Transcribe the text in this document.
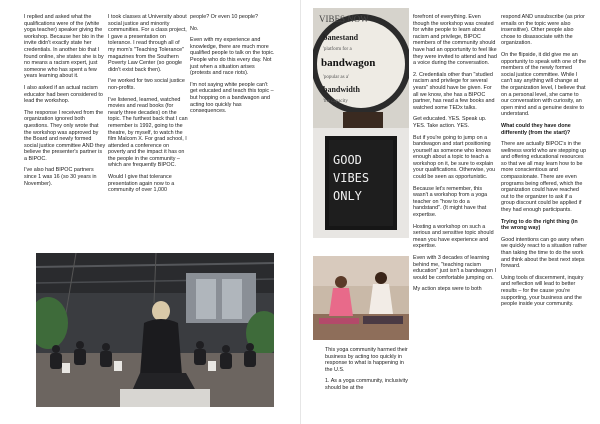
I replied and asked what the qualifications were of the (white yoga teacher) speaker giving the workshop. Because her bio in the invite didn't exactly state her credentials. In another bio that I found online, she states she is by no means a racism expert, just someone who has spent a few years learning about it.

I also asked if an actual racism educator had been considered to lead the workshop.

The response I received from the organization ignored both questions. They only wrote that the workshop was approved by the Board and newly formed social justice committee AND they believe the presenter's partner is a BIPOC.

I've also had BIPOC partners since 1 was 16 (so 30 years in November).

I took classes at University about social justice and minority communities. For a class project, I gave a presentation on tolerance. I read through all of my mom's "Teaching Tolerance" magazines from the Southern Poverty Law Center (so google didn't exist back then).

I've worked for two social justice non-profits.

I've listened, learned, watched movies and read books (for nearly three decades) on the topic. The furthest back that I can remember is 1992, going to the theatre, by myself, to watch the film Malcom X. For grad school, I attended a conference on poverty and the impact it has on the people in the community – which are frequently BIPOC.

Would I give that tolerance presentation again now to a community of over 1,000

people? Or even 10 people?

No.

Even with my experience and knowledge, there are much more qualified people to talk on the topic. People who do this every day. Not just when a situation arises (protests and race riots).

I'm not saying white people can't get educated and teach this topic – but hopping on a bandwagon and acting too quickly has consequences.

VIBES NOW
banestand
'platform for a
bandwagon
'popular as a'
bandwidth
'the capacity
GOOD
VIBES
ONLY

This yoga community harmed their business by acting too quickly in response to what is happening in the U.S.

1. As a yoga community, inclusivity should be at the

forefront of everything. Even though the workshop was created for white people to learn about racism and privilege, BIPOC members of the community should have had an opportunity to feel like they were invited to attend and had a voice during the conversation.

2. Credentials other than "studied racism and privilege for several years" should have be given. For all we know, she has a BIPOC partner, has read a few books and watched some TEDx talks.

Get educated. YES. Speak up. YES. Take action. YES.

But if you're going to jump on a bandwagon and start positioning yourself as someone who knows enough about a topic to teach a workshop on it, be sure to explain your qualifications. Otherwise, you could be seen as opportunistic.

Because let's remember, this wasn't a workshop from a yoga teacher on "how to do a handstand". (It might have that expertise.

Hosting a workshop on such a serious and sensitive topic should mean you have experience and expertise.

Even with 3 decades of learning behind me, "teaching racism education" just isn't a bandwagon I would be comfortable jumping on.

My action steps were to both

respond AND unsubscribe (as prior emails on the topic were also insensitive). Other people also chose to disassociate with the organization.

On the flipside, it did give me an opportunity to speak with one of the members of the newly formed social justice committee. While I can't say anything will change at the organization level, I believe that on a personal level, she came to our conversation with curiosity, an open mind and a genuine desire to understand.

What could they have done differently (from the start)?

There are actually BIPOC's in the wellness world who are stepping up and offering educational resources so that we all may learn how to be more conscientious and compassionate. There are even programs being offered, which the organization could have reached out to the organizer to ask if a group discount could be applied if they had enough participants.

Trying to do the right thing (in the wrong way)

Good intentions can go awry when we quickly react to a situation rather than taking the time to do the work and think about the best next steps forward.

Using tools of discernment, inquiry and reflection will lead to better results – for the cause you're supporting, your business and the people inside your community.
